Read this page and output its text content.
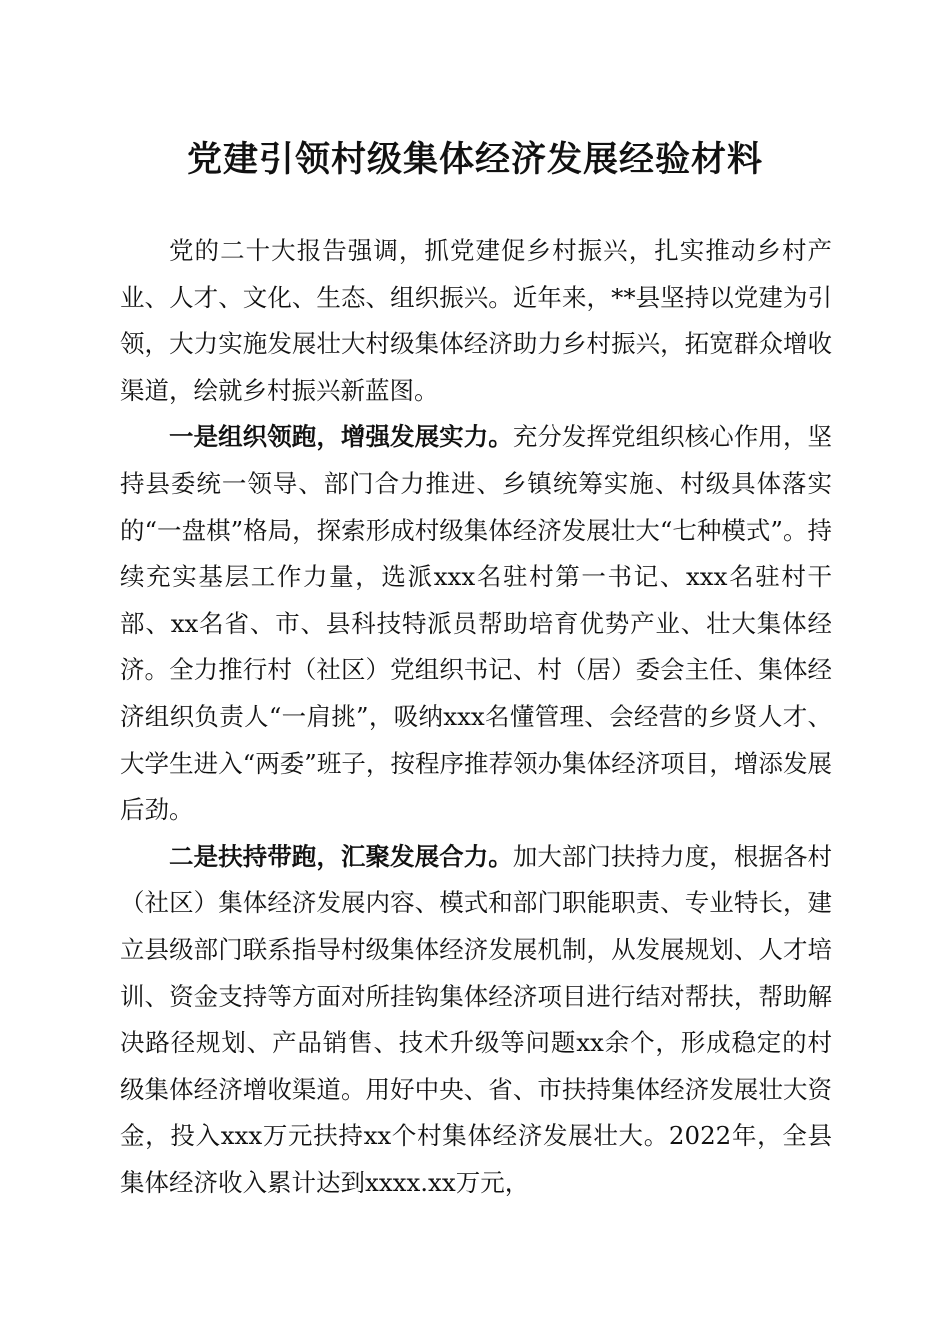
党建引领村级集体经济发展经验材料

党的二十大报告强调，抓党建促乡村振兴，扎实推动乡村产业、人才、文化、生态、组织振兴。近年来，**县坚持以党建为引领，大力实施发展壮大村级集体经济助力乡村振兴，拓宽群众增收渠道，绘就乡村振兴新蓝图。

一是组织领跑，增强发展实力。充分发挥党组织核心作用，坚持县委统一领导、部门合力推进、乡镇统筹实施、村级具体落实的“一盘棋”格局，探索形成村级集体经济发展壮大“七种模式”。持续充实基层工作力量，选派xxx名驻村第一书记、xxx名驻村干部、xx名省、市、县科技特派员帮助培育优势产业、壮大集体经济。全力推行村（社区）党组织书记、村（居）委会主任、集体经济组织负责人“一肩挑”，吸纳xxx名懂管理、会经营的乡贤人才、大学生进入“两委”班子，按程序推荐领办集体经济项目，增添发展后劲。

二是扶持带跑，汇聚发展合力。加大部门扶持力度，根据各村（社区）集体经济发展内容、模式和部门职能职责、专业特长，建立县级部门联系指导村级集体经济发展机制，从发展规划、人才培训、资金支持等方面对所挂钩集体经济项目进行结对帮扶，帮助解决路径规划、产品销售、技术升级等问题xx余个，形成稳定的村级集体经济增收渠道。用好中央、省、市扶持集体经济发展壮大资金，投入xxx万元扶持xx个村集体经济发展壮大。2022年，全县集体经济收入累计达到xxxx.xx万元，
